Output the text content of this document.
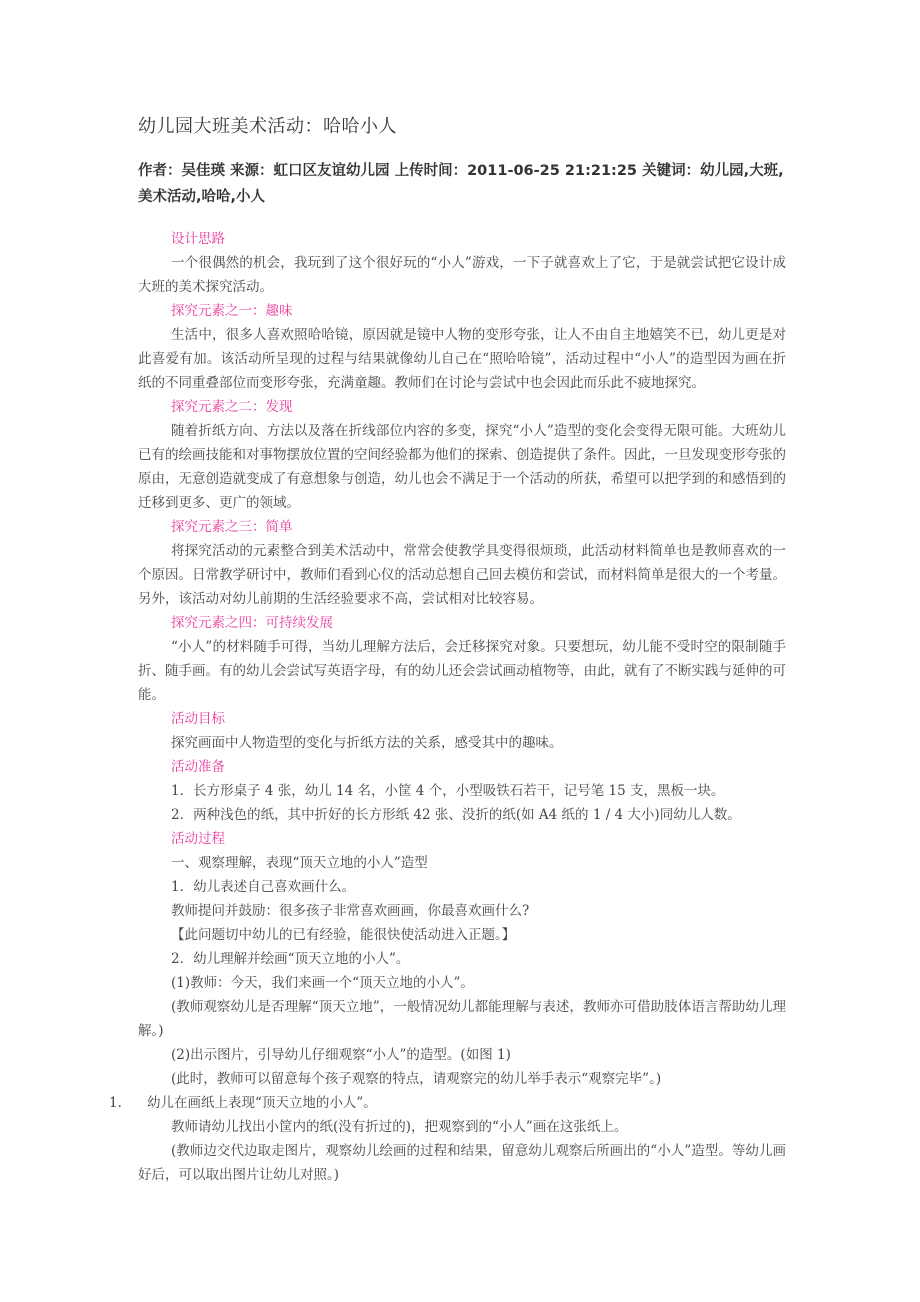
幼儿园大班美术活动：哈哈小人

作者：吴佳瑛 来源：虹口区友谊幼儿园 上传时间：2011-06-25 21:21:25 关键词：幼儿园,大班,美术活动,哈哈,小人

设计思路

一个很偶然的机会，我玩到了这个很好玩的“小人”游戏，一下子就喜欢上了它，于是就尝试把它设计成大班的美术探究活动。

探究元素之一：趣味

生活中，很多人喜欢照哈哈镜，原因就是镜中人物的变形夸张，让人不由自主地嬉笑不已，幼儿更是对此喜爱有加。该活动所呈现的过程与结果就像幼儿自己在“照哈哈镜”，活动过程中“小人”的造型因为画在折纸的不同重叠部位而变形夸张，充满童趣。教师们在讨论与尝试中也会因此而乐此不疲地探究。

探究元素之二：发现

随着折纸方向、方法以及落在折线部位内容的多变，探究“小人”造型的变化会变得无限可能。大班幼儿已有的绘画技能和对事物摆放位置的空间经验都为他们的探索、创造提供了条件。因此，一旦发现变形夸张的原由，无意创造就变成了有意想象与创造，幼儿也会不满足于一个活动的所获，希望可以把学到的和感悟到的迁移到更多、更广的领域。

探究元素之三：简单

将探究活动的元素整合到美术活动中，常常会使教学具变得很烦琐，此活动材料简单也是教师喜欢的一个原因。日常教学研讨中，教师们看到心仪的活动总想自己回去模仿和尝试，而材料简单是很大的一个考量。另外，该活动对幼儿前期的生活经验要求不高，尝试相对比较容易。

探究元素之四：可持续发展

“小人”的材料随手可得，当幼儿理解方法后，会迁移探究对象。只要想玩，幼儿能不受时空的限制随手折、随手画。有的幼儿会尝试写英语字母，有的幼儿还会尝试画动植物等，由此，就有了不断实践与延伸的可能。

活动目标

探究画面中人物造型的变化与折纸方法的关系，感受其中的趣味。

活动准备

1．长方形桌子 4 张，幼儿 14 名，小筐 4 个，小型吸铁石若干，记号笔 15 支，黑板一块。

2．两种浅色的纸，其中折好的长方形纸 42 张、没折的纸(如 A4 纸的 1 / 4 大小)同幼儿人数。

活动过程

一、观察理解，表现“顶天立地的小人”造型

1．幼儿表述自己喜欢画什么。

教师提问并鼓励：很多孩子非常喜欢画画，你最喜欢画什么?

【此问题切中幼儿的已有经验，能很快使活动进入正题。】

2．幼儿理解并绘画“顶天立地的小人”。

(1)教师：今天，我们来画一个“顶天立地的小人”。

(教师观察幼儿是否理解“顶天立地”，一般情况幼儿都能理解与表述，教师亦可借助肢体语言帮助幼儿理解。)

(2)出示图片，引导幼儿仔细观察“小人”的造型。(如图 1)

(此时，教师可以留意每个孩子观察的特点，请观察完的幼儿举手表示“观察完毕”。)

1. 幼儿在画纸上表现“顶天立地的小人”。

教师请幼儿找出小筐内的纸(没有折过的)，把观察到的“小人”画在这张纸上。

(教师边交代边取走图片，观察幼儿绘画的过程和结果，留意幼儿观察后所画出的“小人”造型。等幼儿画好后，可以取出图片让幼儿对照。)
